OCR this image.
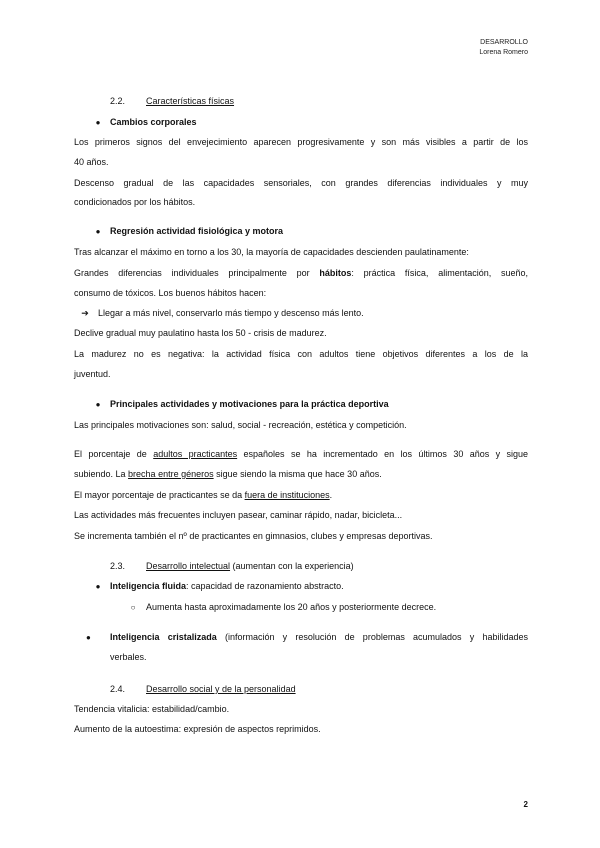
DESARROLLO
Lorena Romero
2.2. Características físicas
● Cambios corporales
Los primeros signos del envejecimiento aparecen progresivamente y son más visibles a partir de los
40 años.
Descenso gradual de las capacidades sensoriales, con grandes diferencias individuales y muy
condicionados por los hábitos.
● Regresión actividad fisiológica y motora
Tras alcanzar el máximo en torno a los 30, la mayoría de capacidades descienden paulatinamente:
Grandes diferencias individuales principalmente por hábitos: práctica física, alimentación, sueño,
consumo de tóxicos. Los buenos hábitos hacen:
➔ Llegar a más nivel, conservarlo más tiempo y descenso más lento.
Declive gradual muy paulatino hasta los 50 - crisis de madurez.
La madurez no es negativa: la actividad física con adultos tiene objetivos diferentes a los de la
juventud.
● Principales actividades y motivaciones para la práctica deportiva
Las principales motivaciones son: salud, social - recreación, estética y competición.
El porcentaje de adultos practicantes españoles se ha incrementado en los últimos 30 años y sigue
subiendo. La brecha entre géneros sigue siendo la misma que hace 30 años.
El mayor porcentaje de practicantes se da fuera de instituciones.
Las actividades más frecuentes incluyen pasear, caminar rápido, nadar, bicicleta...
Se incrementa también el nº de practicantes en gimnasios, clubes y empresas deportivas.
2.3. Desarrollo intelectual (aumentan con la experiencia)
● Inteligencia fluida: capacidad de razonamiento abstracto.
○ Aumenta hasta aproximadamente los 20 años y posteriormente decrece.
● Inteligencia cristalizada (información y resolución de problemas acumulados y habilidades
verbales.
2.4. Desarrollo social y de la personalidad
Tendencia vitalicia: estabilidad/cambio.
Aumento de la autoestima: expresión de aspectos reprimidos.
2
